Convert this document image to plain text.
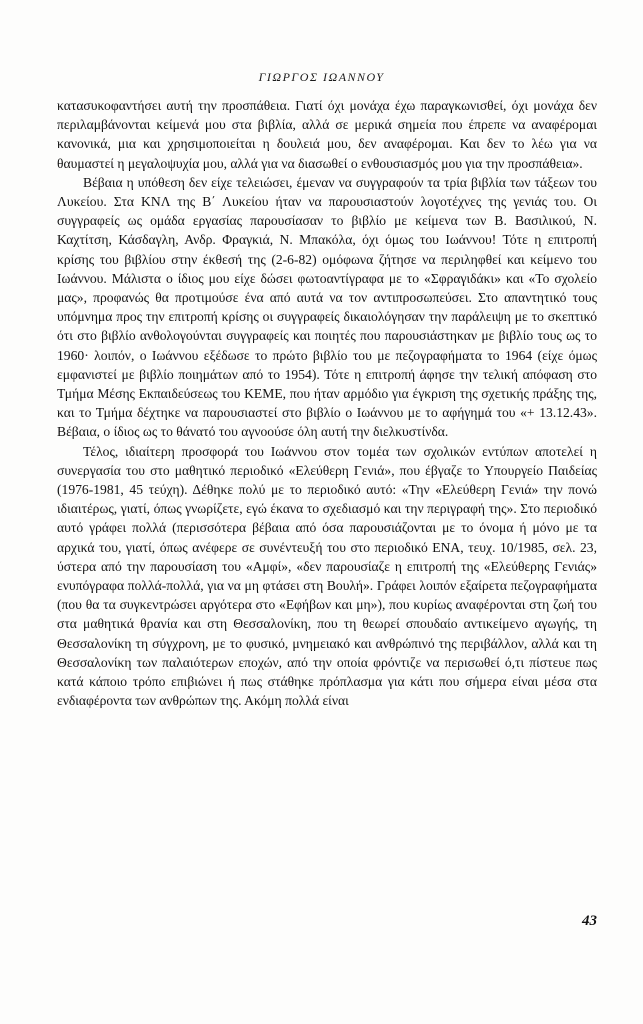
ΓΙΩΡΓΟΣ ΙΩΑΝΝΟΥ

κατασυκοφαντήσει αυτή την προσπάθεια. Γιατί όχι μονάχα έχω παραγκωνισθεί, όχι μονάχα δεν περιλαμβάνονται κείμενά μου στα βιβλία, αλλά σε μερικά σημεία που έπρεπε να αναφέρομαι κανονικά, μια και χρησιμοποιείται η δουλειά μου, δεν αναφέρομαι. Και δεν το λέω για να θαυμαστεί η μεγαλοψυχία μου, αλλά για να διασωθεί ο ενθουσιασμός μου για την προσπάθεια».

Βέβαια η υπόθεση δεν είχε τελειώσει, έμεναν να συγγραφούν τα τρία βιβλία των τάξεων του Λυκείου. Στα ΚΝΛ της Β΄ Λυκείου ήταν να παρουσιαστούν λογοτέχνες της γενιάς του. Οι συγγραφείς ως ομάδα εργασίας παρουσίασαν το βιβλίο με κείμενα των Β. Βασιλικού, Ν. Καχτίτση, Κάσδαγλη, Ανδρ. Φραγκιά, Ν. Μπακόλα, όχι όμως του Ιωάννου! Τότε η επιτροπή κρίσης του βιβλίου στην έκθεσή της (2-6-82) ομόφωνα ζήτησε να περιληφθεί και κείμενο του Ιωάννου. Μάλιστα ο ίδιος μου είχε δώσει φωτοαντίγραφα με το «Σφραγιδάκι» και «Το σχολείο μας», προφανώς θα προτιμούσε ένα από αυτά να τον αντιπροσωπεύσει. Στο απαντητικό τους υπόμνημα προς την επιτροπή κρίσης οι συγγραφείς δικαιολόγησαν την παράλειψη με το σκεπτικό ότι στο βιβλίο ανθολογούνται συγγραφείς και ποιητές που παρουσιάστηκαν με βιβλίο τους ως το 1960· λοιπόν, ο Ιωάννου εξέδωσε το πρώτο βιβλίο του με πεζογραφήματα το 1964 (είχε όμως εμφανιστεί με βιβλίο ποιημάτων από το 1954). Τότε η επιτροπή άφησε την τελική απόφαση στο Τμήμα Μέσης Εκπαιδεύσεως του ΚΕΜΕ, που ήταν αρμόδιο για έγκριση της σχετικής πράξης της, και το Τμήμα δέχτηκε να παρουσιαστεί στο βιβλίο ο Ιωάννου με το αφήγημά του «+ 13.12.43». Βέβαια, ο ίδιος ως το θάνατό του αγνοούσε όλη αυτή την διελκυστίνδα.

Τέλος, ιδιαίτερη προσφορά του Ιωάννου στον τομέα των σχολικών εντύπων αποτελεί η συνεργασία του στο μαθητικό περιοδικό «Ελεύθερη Γενιά», που έβγαζε το Υπουργείο Παιδείας (1976-1981, 45 τεύχη). Δέθηκε πολύ με το περιοδικό αυτό: «Την «Ελεύθερη Γενιά» την πονώ ιδιαιτέρως, γιατί, όπως γνωρίζετε, εγώ έκανα το σχεδιασμό και την περιγραφή της». Στο περιοδικό αυτό γράφει πολλά (περισσότερα βέβαια από όσα παρουσιάζονται με το όνομα ή μόνο με τα αρχικά του, γιατί, όπως ανέφερε σε συνέντευξή του στο περιοδικό ΕΝΑ, τευχ. 10/1985, σελ. 23, ύστερα από την παρουσίαση του «Αμφί», «δεν παρουσίαζε η επιτροπή της «Ελεύθερης Γενιάς» ενυπόγραφα πολλά-πολλά, για να μη φτάσει στη Βουλή». Γράφει λοιπόν εξαίρετα πεζογραφήματα (που θα τα συγκεντρώσει αργότερα στο «Εφήβων και μη»), που κυρίως αναφέρονται στη ζωή του στα μαθητικά θρανία και στη Θεσσαλονίκη, που τη θεωρεί σπουδαίο αντικείμενο αγωγής, τη Θεσσαλονίκη τη σύγχρονη, με το φυσικό, μνημειακό και ανθρώπινό της περιβάλλον, αλλά και τη Θεσσαλονίκη των παλαιότερων εποχών, από την οποία φρόντιζε να περισωθεί ό,τι πίστευε πως κατά κάποιο τρόπο επιβιώνει ή πως στάθηκε πρόπλασμα για κάτι που σήμερα είναι μέσα στα ενδιαφέροντα των ανθρώπων της. Ακόμη πολλά είναι

43
